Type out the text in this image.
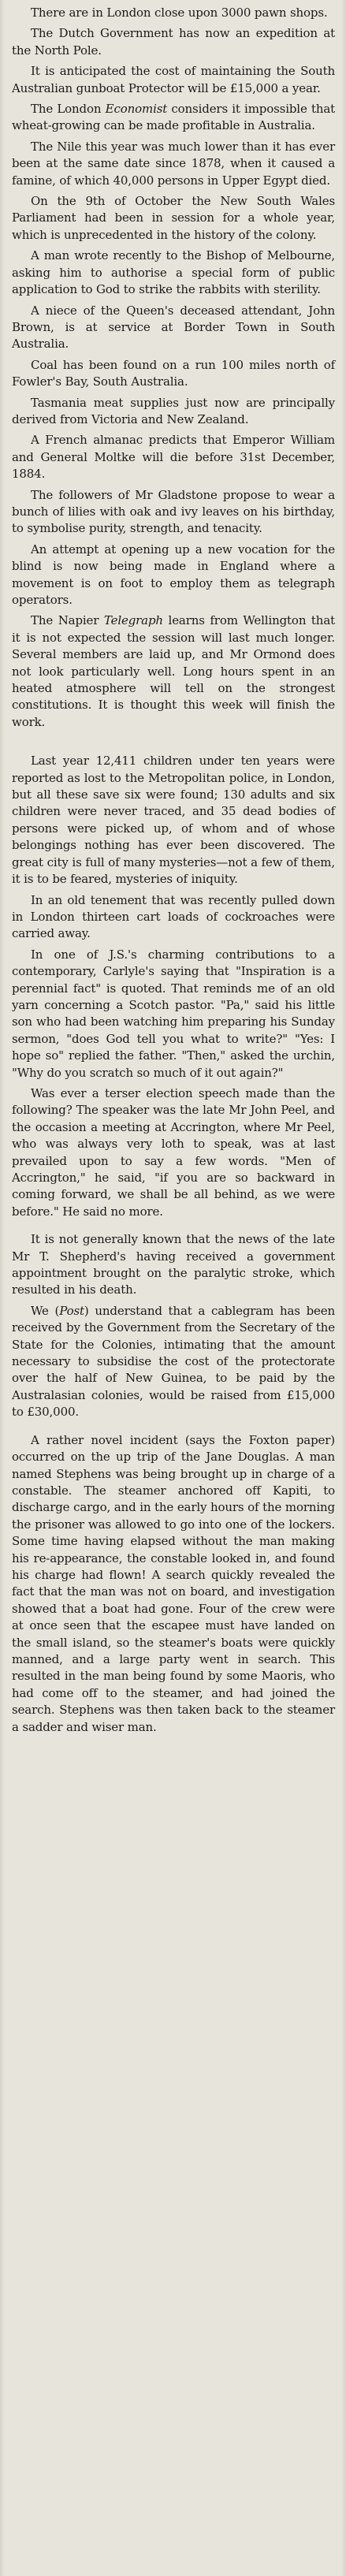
There are in London close upon 3000 pawn shops.

The Dutch Government has now an expedition at the North Pole.

It is anticipated the cost of maintaining the South Australian gunboat Protector will be £15,000 a year.

The London Economist considers it impossible that wheat-growing can be made profitable in Australia.

The Nile this year was much lower than it has ever been at the same date since 1878, when it caused a famine, of which 40,000 persons in Upper Egypt died.

On the 9th of October the New South Wales Parliament had been in session for a whole year, which is unprecedented in the history of the colony.

A man wrote recently to the Bishop of Melbourne, asking him to authorise a special form of public application to God to strike the rabbits with sterility.

A niece of the Queen's deceased attendant, John Brown, is at service at Border Town in South Australia.

Coal has been found on a run 100 miles north of Fowler's Bay, South Australia.

Tasmania meat supplies just now are principally derived from Victoria and New Zealand.

A French almanac predicts that Emperor William and General Moltke will die before 31st December, 1884.

The followers of Mr Gladstone propose to wear a bunch of lilies with oak and ivy leaves on his birthday, to symbolise purity, strength, and tenacity.

An attempt at opening up a new vocation for the blind is now being made in England where a movement is on foot to employ them as telegraph operators.

The Napier Telegraph learns from Wellington that it is not expected the session will last much longer. Several members are laid up, and Mr Ormond does not look particularly well. Long hours spent in an heated atmosphere will tell on the strongest constitutions. It is thought this week will finish the work.

Last year 12,411 children under ten years were reported as lost to the Metropolitan police, in London, but all these save six were found; 130 adults and six children were never traced, and 35 dead bodies of persons were picked up, of whom and of whose belongings nothing has ever been discovered. The great city is full of many mysteries—not a few of them, it is to be feared, mysteries of iniquity.

In an old tenement that was recently pulled down in London thirteen cart loads of cockroaches were carried away.

In one of J.S.'s charming contributions to a contemporary, Carlyle's saying that "Inspiration is a perennial fact" is quoted. That reminds me of an old yarn concerning a Scotch pastor. "Pa," said his little son who had been watching him preparing his Sunday sermon, "does God tell you what to write?" "Yes: I hope so" replied the father. "Then," asked the urchin, "Why do you scratch so much of it out again?"

Was ever a terser election speech made than the following? The speaker was the late Mr John Peel, and the occasion a meeting at Accrington, where Mr Peel, who was always very loth to speak, was at last prevailed upon to say a few words. "Men of Accrington," he said, "if you are so backward in coming forward, we shall be all behind, as we were before." He said no more.

It is not generally known that the news of the late Mr T. Shepherd's having received a government appointment brought on the paralytic stroke, which resulted in his death.

We (Post) understand that a cablegram has been received by the Government from the Secretary of the State for the Colonies, intimating that the amount necessary to subsidise the cost of the protectorate over the half of New Guinea, to be paid by the Australasian colonies, would be raised from £15,000 to £30,000.

A rather novel incident (says the Foxton paper) occurred on the up trip of the Jane Douglas. A man named Stephens was being brought up in charge of a constable. The steamer anchored off Kapiti, to discharge cargo, and in the early hours of the morning the prisoner was allowed to go into one of the lockers. Some time having elapsed without the man making his re-appearance, the constable looked in, and found his charge had flown! A search quickly revealed the fact that the man was not on board, and investigation showed that a boat had gone. Four of the crew were at once seen that the escapee must have landed on the small island, so the steamer's boats were quickly manned, and a large party went in search. This resulted in the man being found by some Maoris, who had come off to the steamer, and had joined the search. Stephens was then taken back to the steamer a sadder and wiser man.
